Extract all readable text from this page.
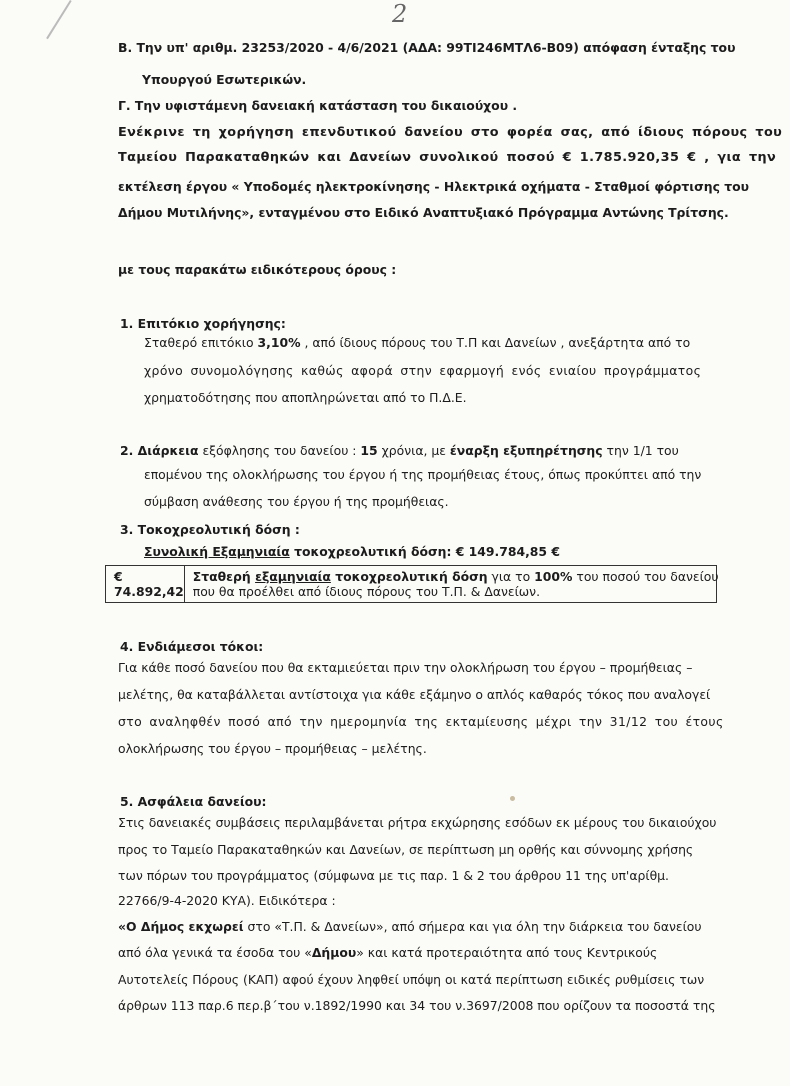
2
Β. Την υπ' αριθμ. 23253/2020 - 4/6/2021 (ΑΔΑ: 99ΤΙ246ΜΤΛ6-Β09) απόφαση ένταξης του
Υπουργού Εσωτερικών.
Γ. Την υφιστάμενη δανειακή κατάσταση του δικαιούχου .
Ενέκρινε τη χορήγηση επενδυτικού δανείου στο φορέα σας, από ίδιους πόρους του
Ταμείου Παρακαταθηκών και Δανείων συνολικού ποσού € 1.785.920,35 € , για την
εκτέλεση έργου « Υποδομές ηλεκτροκίνησης - Ηλεκτρικά οχήματα - Σταθμοί φόρτισης του
Δήμου Μυτιλήνης», ενταγμένου στο Ειδικό Αναπτυξιακό Πρόγραμμα Αντώνης Τρίτσης.
με τους παρακάτω ειδικότερους όρους :
1. Επιτόκιο χορήγησης:
Σταθερό επιτόκιο 3,10% , από ίδιους πόρους του Τ.Π και Δανείων , ανεξάρτητα από το
χρόνο συνομολόγησης καθώς αφορά στην εφαρμογή ενός ενιαίου προγράμματος
χρηματοδότησης που αποπληρώνεται από το Π.Δ.Ε.
2. Διάρκεια εξόφλησης του δανείου : 15 χρόνια, με έναρξη εξυπηρέτησης την 1/1 του
επομένου της ολοκλήρωσης του έργου ή της προμήθειας έτους, όπως προκύπτει από την
σύμβαση ανάθεσης του έργου ή της προμήθειας.
3. Τοκοχρεολυτική δόση :
Συνολική Εξαμηνιαία τοκοχρεολυτική δόση: € 149.784,85 €
€ 74.892,42
Σταθερή εξαμηνιαία τοκοχρεολυτική δόση για το 100% του ποσού του δανείου
που θα προέλθει από ίδιους πόρους του Τ.Π. & Δανείων.
4. Ενδιάμεσοι τόκοι:
Για κάθε ποσό δανείου που θα εκταμιεύεται πριν την ολοκλήρωση του έργου – προμήθειας –
μελέτης, θα καταβάλλεται αντίστοιχα για κάθε εξάμηνο ο απλός καθαρός τόκος που αναλογεί
στο αναληφθέν ποσό από την ημερομηνία της εκταμίευσης μέχρι την 31/12 του έτους
ολοκλήρωσης του έργου – προμήθειας – μελέτης.
5. Ασφάλεια δανείου:
Στις δανειακές συμβάσεις περιλαμβάνεται ρήτρα εκχώρησης εσόδων εκ μέρους του δικαιούχου
προς το Ταμείο Παρακαταθηκών και Δανείων, σε περίπτωση μη ορθής και σύννομης χρήσης
των πόρων του προγράμματος (σύμφωνα με τις παρ. 1 & 2 του άρθρου 11 της υπ'αρίθμ.
22766/9-4-2020 ΚΥΑ). Ειδικότερα :
«Ο Δήμος εκχωρεί στο «Τ.Π. & Δανείων», από σήμερα και για όλη την διάρκεια του δανείου
από όλα γενικά τα έσοδα του «Δήμου» και κατά προτεραιότητα από τους Κεντρικούς
Αυτοτελείς Πόρους (ΚΑΠ) αφού έχουν ληφθεί υπόψη οι κατά περίπτωση ειδικές ρυθμίσεις των
άρθρων 113 παρ.6 περ.β΄του ν.1892/1990 και 34 του ν.3697/2008 που ορίζουν τα ποσοστά της
